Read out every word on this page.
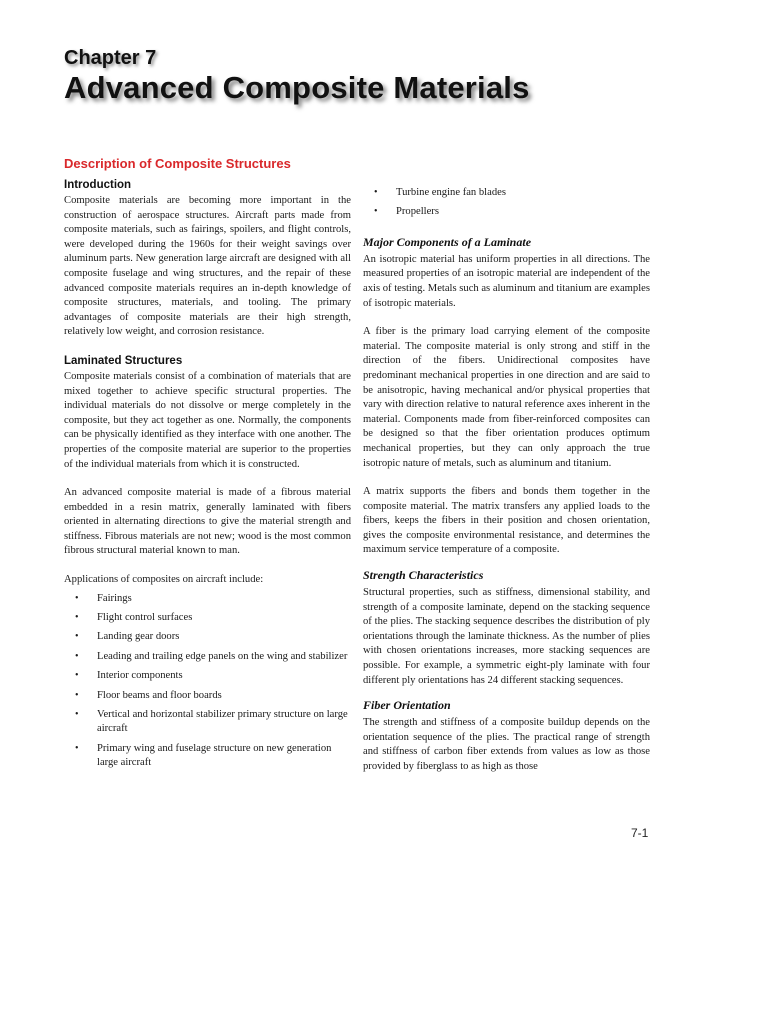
Chapter 7
Advanced Composite Materials
Description of Composite Structures
Introduction

Composite materials are becoming more important in the construction of aerospace structures. Aircraft parts made from composite materials, such as fairings, spoilers, and flight controls, were developed during the 1960s for their weight savings over aluminum parts. New generation large aircraft are designed with all composite fuselage and wing structures, and the repair of these advanced composite materials requires an in-depth knowledge of composite structures, materials, and tooling. The primary advantages of composite materials are their high strength, relatively low weight, and corrosion resistance.

Laminated Structures

Composite materials consist of a combination of materials that are mixed together to achieve specific structural properties. The individual materials do not dissolve or merge completely in the composite, but they act together as one. Normally, the components can be physically identified as they interface with one another. The properties of the composite material are superior to the properties of the individual materials from which it is constructed.

An advanced composite material is made of a fibrous material embedded in a resin matrix, generally laminated with fibers oriented in alternating directions to give the material strength and stiffness. Fibrous materials are not new; wood is the most common fibrous structural material known to man.

Applications of composites on aircraft include:

• Fairings
• Flight control surfaces
• Landing gear doors
• Leading and trailing edge panels on the wing and stabilizer
• Interior components
• Floor beams and floor boards
• Vertical and horizontal stabilizer primary structure on large aircraft
• Primary wing and fuselage structure on new generation large aircraft
• Turbine engine fan blades
• Propellers
Major Components of a Laminate

An isotropic material has uniform properties in all directions. The measured properties of an isotropic material are independent of the axis of testing. Metals such as aluminum and titanium are examples of isotropic materials.

A fiber is the primary load carrying element of the composite material. The composite material is only strong and stiff in the direction of the fibers. Unidirectional composites have predominant mechanical properties in one direction and are said to be anisotropic, having mechanical and/or physical properties that vary with direction relative to natural reference axes inherent in the material. Components made from fiber-reinforced composites can be designed so that the fiber orientation produces optimum mechanical properties, but they can only approach the true isotropic nature of metals, such as aluminum and titanium.

A matrix supports the fibers and bonds them together in the composite material. The matrix transfers any applied loads to the fibers, keeps the fibers in their position and chosen orientation, gives the composite environmental resistance, and determines the maximum service temperature of a composite.

Strength Characteristics

Structural properties, such as stiffness, dimensional stability, and strength of a composite laminate, depend on the stacking sequence of the plies. The stacking sequence describes the distribution of ply orientations through the laminate thickness. As the number of plies with chosen orientations increases, more stacking sequences are possible. For example, a symmetric eight-ply laminate with four different ply orientations has 24 different stacking sequences.

Fiber Orientation

The strength and stiffness of a composite buildup depends on the orientation sequence of the plies. The practical range of strength and stiffness of carbon fiber extends from values as low as those provided by fiberglass to as high as those

7-1
